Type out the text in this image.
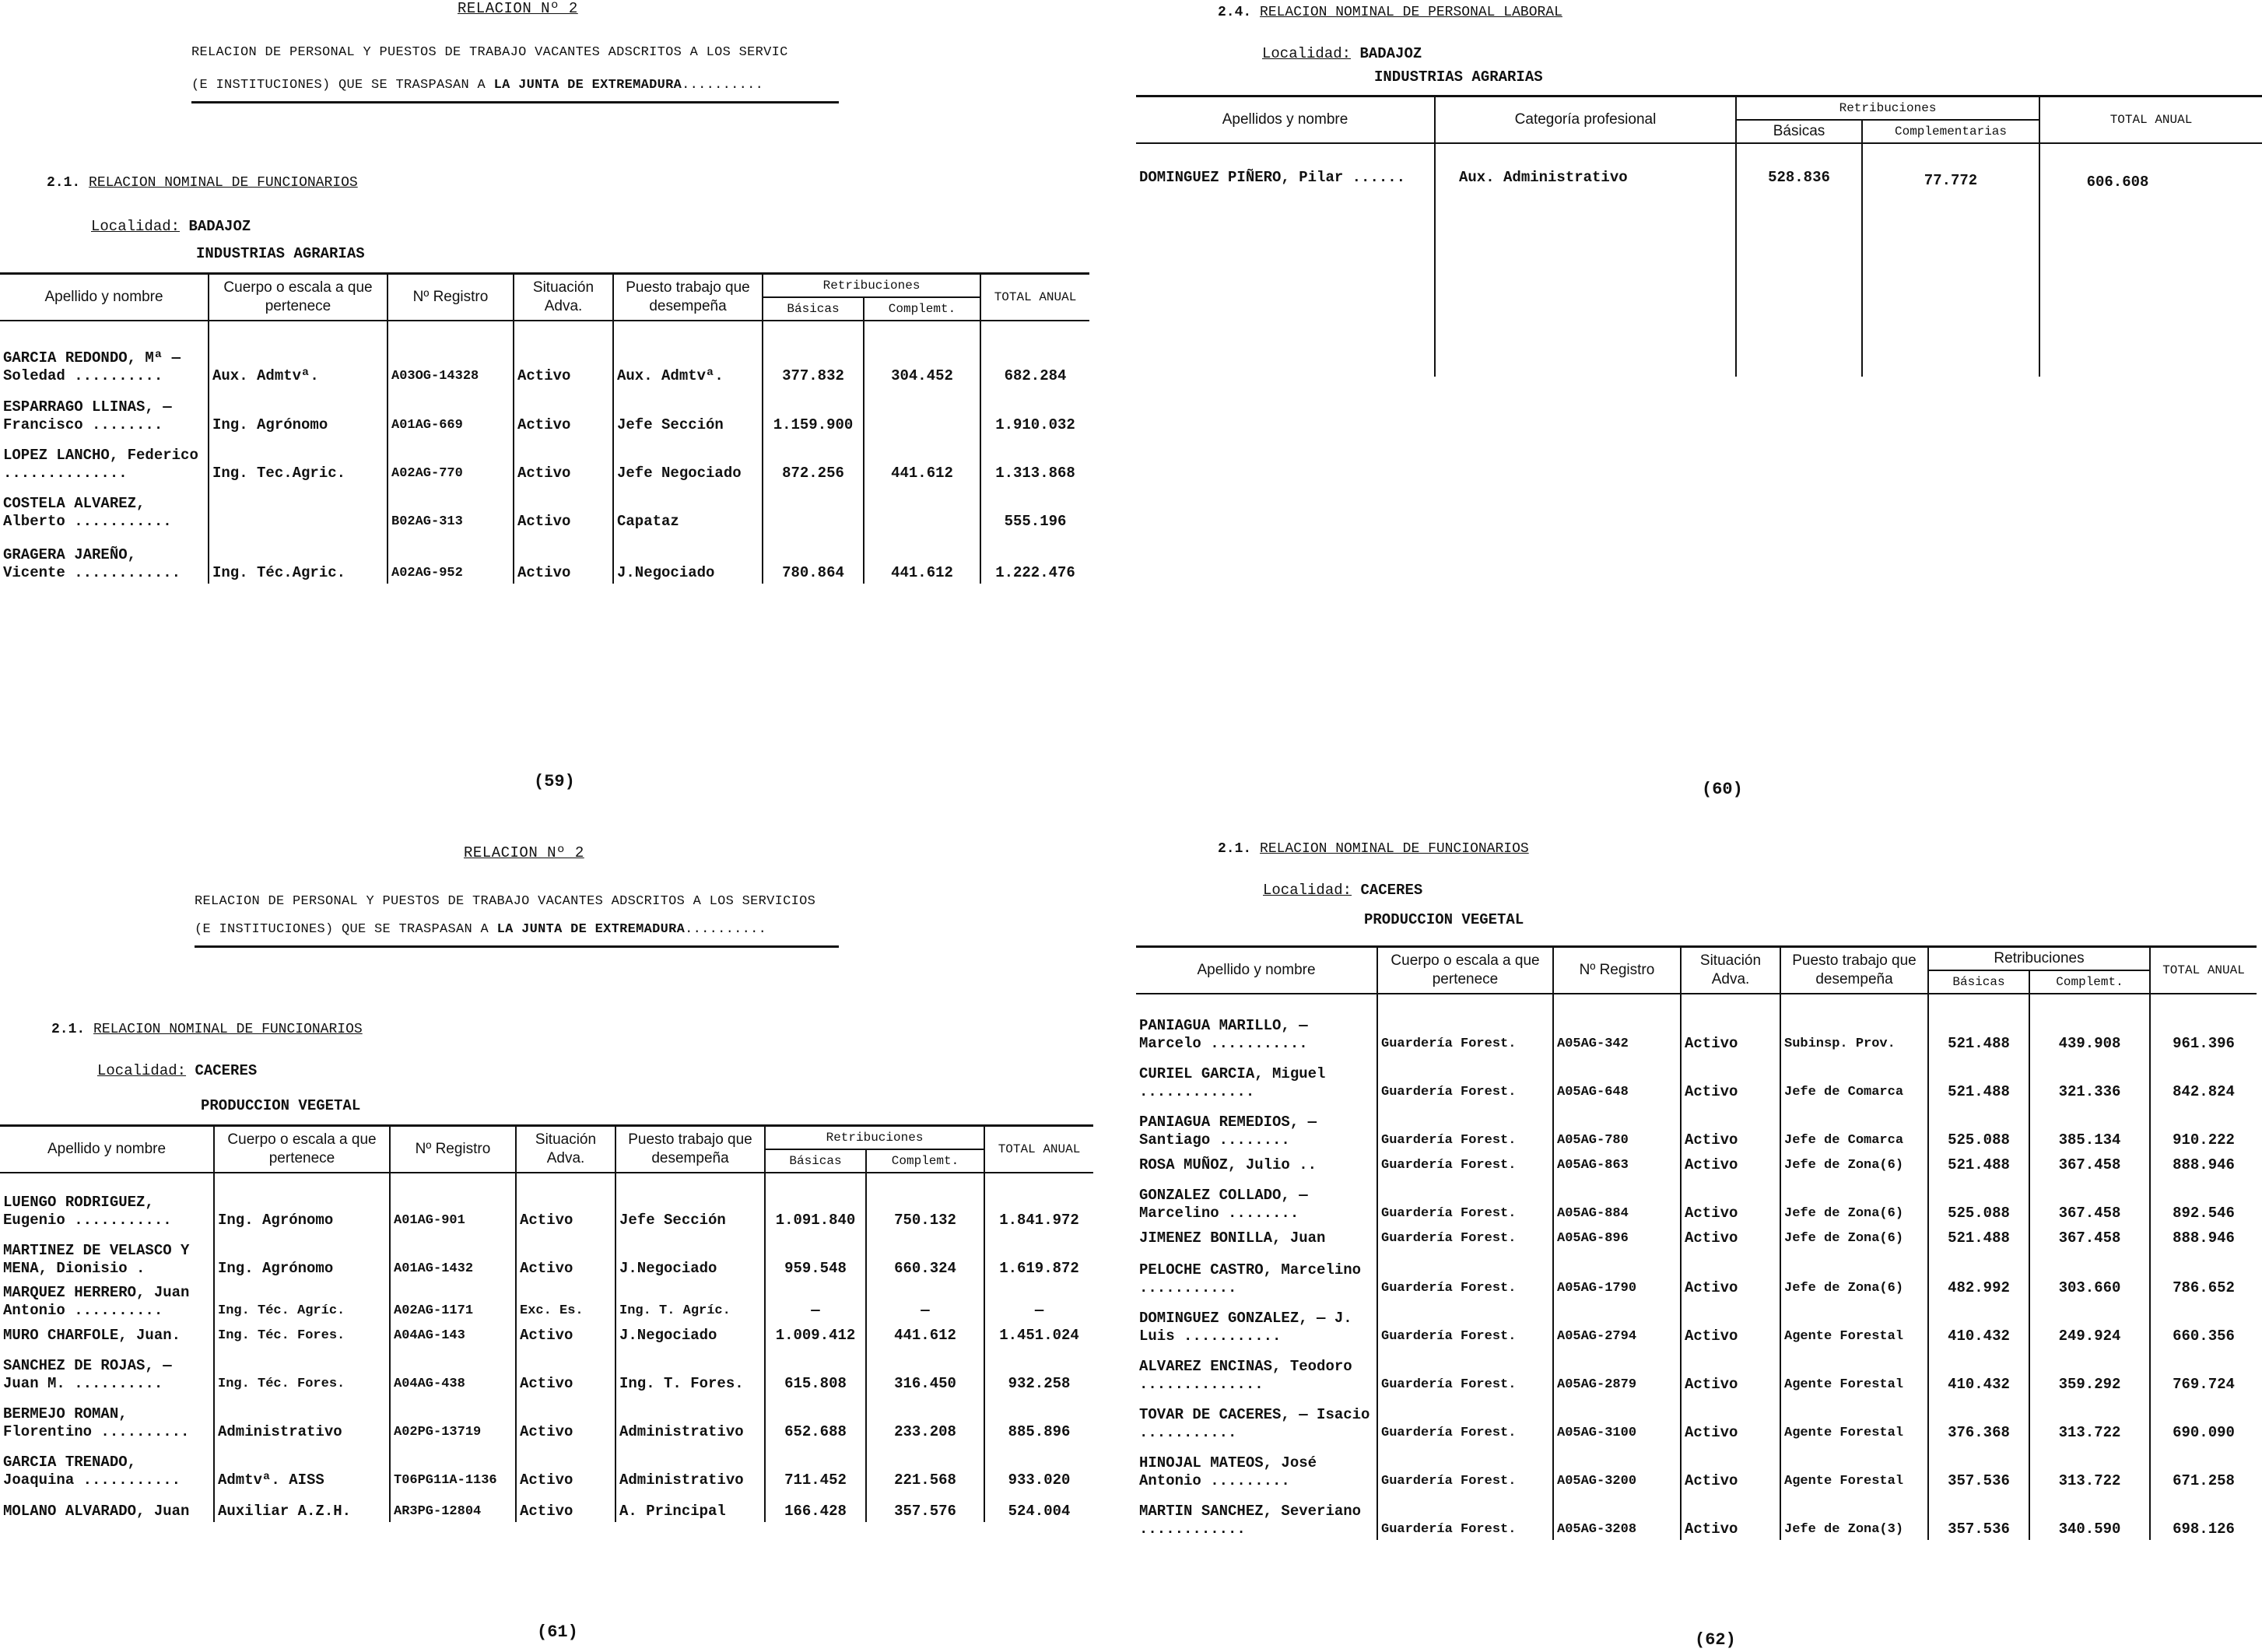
RELACION Nº 2
RELACION DE PERSONAL Y PUESTOS DE TRABAJO VACANTES ADSCRITOS A LOS SERVIC
(E INSTITUCIONES) QUE SE TRASPASAN A LA JUNTA DE EXTREMADURA..........
2.1. RELACION NOMINAL DE FUNCIONARIOS
Localidad: BADAJOZ
INDUSTRIAS AGRARIAS
Apellido y nombre	Cuerpo o escala a que pertenece	Nº Registro	Situación Adva.	Puesto trabajo que desempeña	Retribuciones		TOTAL ANUAL
					Básicas	Complemt.	
GARCIA REDONDO, Mª — Soledad ..........	Aux. Admtvª.	A03OG-14328	Activo	Aux. Admtvª.	377.832	304.452	682.284
ESPARRAGO LLINAS, — Francisco ........	Ing. Agrónomo	A01AG-669	Activo	Jefe Sección	1.159.900		1.910.032
LOPEZ LANCHO, Federico ..............	Ing. Tec.Agric.	A02AG-770	Activo	Jefe Negociado	872.256	441.612	1.313.868
COSTELA ALVAREZ, Alberto ...........		B02AG-313	Activo	Capataz			555.196
GRAGERA JAREÑO, Vicente ............	Ing. Téc.Agric.	A02AG-952	Activo	J.Negociado	780.864	441.612	1.222.476
(59)
2.4. RELACION NOMINAL DE PERSONAL LABORAL
Localidad: BADAJOZ
INDUSTRIAS AGRARIAS
Apellidos y nombre	Categoría profesional	Retribuciones		TOTAL ANUAL
		Básicas	Complementarias	
DOMINGUEZ PIÑERO, Pilar ......	Aux. Administrativo	528.836	77.772	606.608
(60)
RELACION Nº 2
RELACION DE PERSONAL Y PUESTOS DE TRABAJO VACANTES ADSCRITOS A LOS SERVICIOS
(E INSTITUCIONES) QUE SE TRASPASAN A LA JUNTA DE EXTREMADURA..........
2.1. RELACION NOMINAL DE FUNCIONARIOS
Localidad: CACERES
PRODUCCION VEGETAL
Apellido y nombre	Cuerpo o escala a que pertenece	Nº Registro	Situación Adva.	Puesto trabajo que desempeña	Retribuciones		TOTAL ANUAL
					Básicas	Complemt.	
LUENGO RODRIGUEZ, Eugenio ...........	Ing. Agrónomo	A01AG-901	Activo	Jefe Sección	1.091.840	750.132	1.841.972
MARTINEZ DE VELASCO Y MENA, Dionisio .	Ing. Agrónomo	A01AG-1432	Activo	J.Negociado	959.548	660.324	1.619.872
MARQUEZ HERRERO, Juan Antonio ..........	Ing. Téc. Agríc.	A02AG-1171	Exc. Es.	Ing. T. Agríc.	—	—	—
MURO CHARFOLE, Juan.	Ing. Téc. Fores.	A04AG-143	Activo	J.Negociado	1.009.412	441.612	1.451.024
SANCHEZ DE ROJAS, — Juan M. ..........	Ing. Téc. Fores.	A04AG-438	Activo	Ing. T. Fores.	615.808	316.450	932.258
BERMEJO ROMAN, Florentino ..........	Administrativo	A02PG-13719	Activo	Administrativo	652.688	233.208	885.896
GARCIA TRENADO, Joaquina ...........	Admtvª. AISS	T06PG11A-1136	Activo	Administrativo	711.452	221.568	933.020
MOLANO ALVARADO, Juan	Auxiliar A.Z.H.	AR3PG-12804	Activo	A. Principal	166.428	357.576	524.004
(61)
2.1. RELACION NOMINAL DE FUNCIONARIOS
Localidad: CACERES
PRODUCCION VEGETAL
Apellido y nombre	Cuerpo o escala a que pertenece	Nº Registro	Situación Adva.	Puesto trabajo que desempeña	Retribuciones		TOTAL ANUAL
					Básicas	Complemt.	
PANIAGUA MARILLO, — Marcelo ...........	Guardería Forest.	A05AG-342	Activo	Subinsp. Prov.	521.488	439.908	961.396
CURIEL GARCIA, Miguel .............	Guardería Forest.	A05AG-648	Activo	Jefe de Comarca	521.488	321.336	842.824
PANIAGUA REMEDIOS, — Santiago ........	Guardería Forest.	A05AG-780	Activo	Jefe de Comarca	525.088	385.134	910.222
ROSA MUÑOZ, Julio ..	Guardería Forest.	A05AG-863	Activo	Jefe de Zona(6)	521.488	367.458	888.946
GONZALEZ COLLADO, — Marcelino ........	Guardería Forest.	A05AG-884	Activo	Jefe de Zona(6)	525.088	367.458	892.546
JIMENEZ BONILLA, Juan	Guardería Forest.	A05AG-896	Activo	Jefe de Zona(6)	521.488	367.458	888.946
PELOCHE CASTRO, Marcelino ...........	Guardería Forest.	A05AG-1790	Activo	Jefe de Zona(6)	482.992	303.660	786.652
DOMINGUEZ GONZALEZ, — J. Luis ...........	Guardería Forest.	A05AG-2794	Activo	Agente Forestal	410.432	249.924	660.356
ALVAREZ ENCINAS, Teodoro ..............	Guardería Forest.	A05AG-2879	Activo	Agente Forestal	410.432	359.292	769.724
TOVAR DE CACERES, — Isacio ...........	Guardería Forest.	A05AG-3100	Activo	Agente Forestal	376.368	313.722	690.090
HINOJAL MATEOS, José Antonio .........	Guardería Forest.	A05AG-3200	Activo	Agente Forestal	357.536	313.722	671.258
MARTIN SANCHEZ, Severiano ............	Guardería Forest.	A05AG-3208	Activo	Jefe de Zona(3)	357.536	340.590	698.126
(62)
